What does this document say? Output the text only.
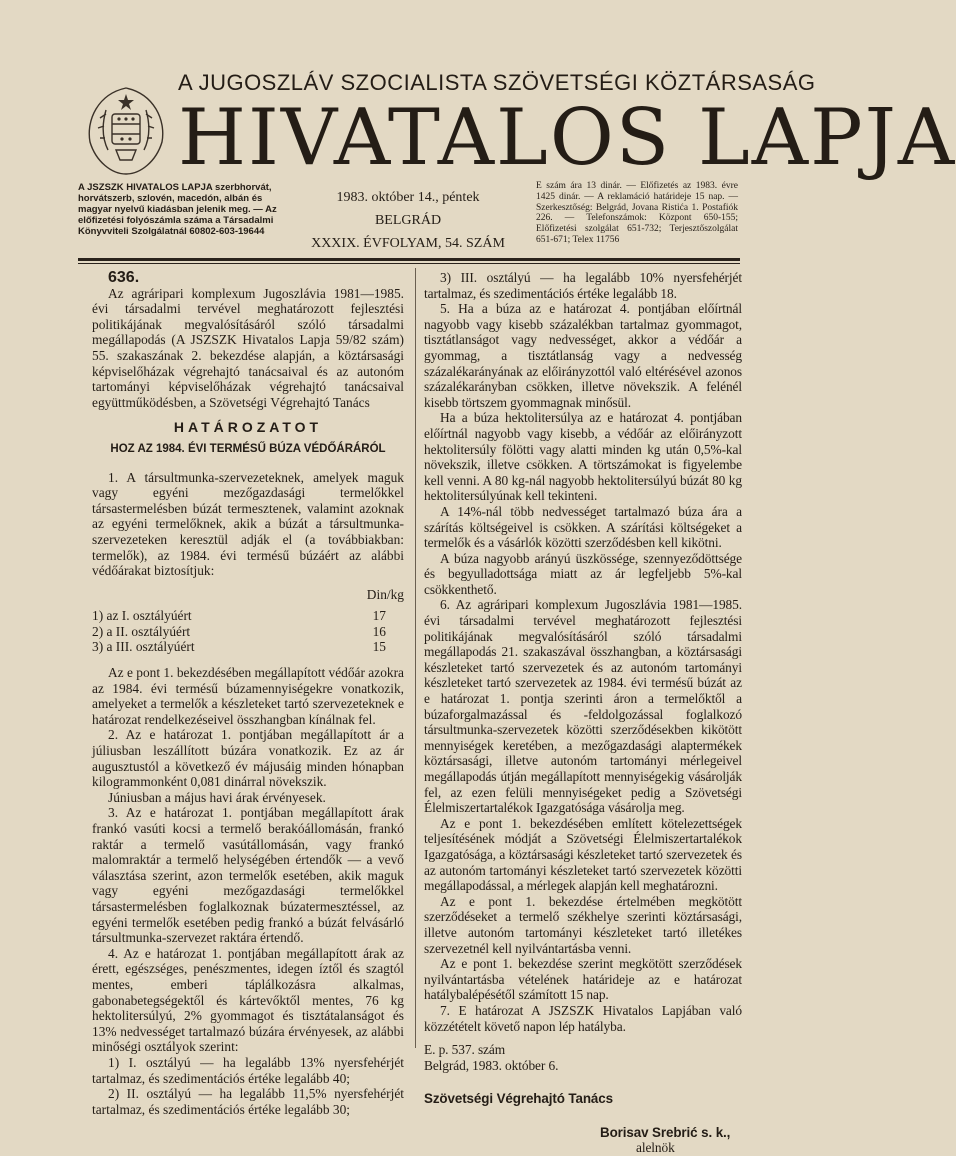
A JUGOSZLÁV SZOCIALISTA SZÖVETSÉGI KÖZTÁRSASÁG
HIVATALOS LAPJA
A JSZSZK HIVATALOS LAPJA szerbhorvát, horvátszerb, szlovén, macedón, albán és magyar nyelvű kiadásban jelenik meg. — Az előfizetési folyószámla száma a Társadalmi Könyvviteli Szolgálatnál 60802-603-19644
1983. október 14., péntek
BELGRÁD
XXXIX. ÉVFOLYAM, 54. SZÁM
E szám ára 13 dinár. — Előfizetés az 1983. évre 1425 dinár. — A reklamáció határideje 15 nap. — Szerkesztőség: Belgrád, Jovana Ristića 1. Postafiók 226. — Telefonszámok: Központ 650-155; Előfizetési szolgálat 651-732; Terjesztőszolgálat 651-671; Telex 11756

636.

Az agráripari komplexum Jugoszlávia 1981—1985. évi társadalmi tervével meghatározott fejlesztési politikájának megvalósításáról szóló társadalmi megállapodás (A JSZSZK Hivatalos Lapja 59/82 szám) 55. szakaszának 2. bekezdése alapján, a köztársasági képviselőházak végrehajtó tanácsaival és az autonóm tartományi képviselőházak végrehajtó tanácsaival együttműködésben, a Szövetségi Végrehajtó Tanács

HATÁROZATOT
HOZ AZ 1984. ÉVI TERMÉSŰ BÚZA VÉDŐÁRÁRÓL

1. A társultmunka-szervezeteknek, amelyek maguk vagy egyéni mezőgazdasági termelőkkel társastermelésben búzát termesztenek, valamint azoknak az egyéni termelőknek, akik a búzát a társultmunka-szervezeteken keresztül adják el (a továbbiakban: termelők), az 1984. évi termésű búzáért az alábbi védőárakat biztosítjuk:

Din/kg
1) az I. osztályúért	17
2) a II. osztályúért	16
3) a III. osztályúért	15

Az e pont 1. bekezdésében megállapított védőár azokra az 1984. évi termésű búzamennyiségekre vonatkozik, amelyeket a termelők a készleteket tartó szervezeteknek e határozat rendelkezéseivel összhangban kínálnak fel.

2. Az e határozat 1. pontjában megállapított ár a júliusban leszállított búzára vonatkozik. Ez az ár augusztustól a következő év májusáig minden hónapban kilogrammonként 0,081 dinárral növekszik.

Júniusban a május havi árak érvényesek.

3. Az e határozat 1. pontjában megállapított árak frankó vasúti kocsi a termelő berakóállomásán, frankó raktár a termelő vasútállomásán, vagy frankó malomraktár a termelő helységében értendők — a vevő választása szerint, azon termelők esetében, akik maguk vagy egyéni mezőgazdasági termelőkkel társastermelésben foglalkoznak búzatermesztéssel, az egyéni termelők esetében pedig frankó a búzát felvásárló társultmunka-szervezet raktára értendő.

4. Az e határozat 1. pontjában megállapított árak az érett, egészséges, penészmentes, idegen íztől és szagtól mentes, emberi táplálkozásra alkalmas, gabonabetegségektől és kártevőktől mentes, 76 kg hektolitersúlyú, 2% gyommagot és tisztátalanságot és 13% nedvességet tartalmazó búzára érvényesek, az alábbi minőségi osztályok szerint:

1) I. osztályú — ha legalább 13% nyersfehérjét tartalmaz, és szedimentációs értéke legalább 40;

2) II. osztályú — ha legalább 11,5% nyersfehérjét tartalmaz, és szedimentációs értéke legalább 30;

3) III. osztályú — ha legalább 10% nyersfehérjét tartalmaz, és szedimentációs értéke legalább 18.

5. Ha a búza az e határozat 4. pontjában előírtnál nagyobb vagy kisebb százalékban tartalmaz gyommagot, tisztátlanságot vagy nedvességet, akkor a védőár a gyommag, a tisztátlanság vagy a nedvesség százalékarányának az előirányzottól való eltérésével azonos százalékarányban csökken, illetve növekszik. A felénél kisebb törtszem gyommagnak minősül.

Ha a búza hektolitersúlya az e határozat 4. pontjában előírtnál nagyobb vagy kisebb, a védőár az előirányzott hektolitersúly fölötti vagy alatti minden kg után 0,5%-kal növekszik, illetve csökken. A törtszámokat is figyelembe kell venni. A 80 kg-nál nagyobb hektolitersúlyú búzát 80 kg hektolitersúlyúnak kell tekinteni.

A 14%-nál több nedvességet tartalmazó búza ára a szárítás költségeivel is csökken. A szárítási költségeket a termelők és a vásárlók közötti szerződésben kell kikötni.

A búza nagyobb arányú üszkössége, szennyeződöttsége és begyulladottsága miatt az ár legfeljebb 5%-kal csökkenthető.

6. Az agráripari komplexum Jugoszlávia 1981—1985. évi társadalmi tervével meghatározott fejlesztési politikájának megvalósításáról szóló társadalmi megállapodás 21. szakaszával összhangban, a köztársasági készleteket tartó szervezetek és az autonóm tartományi készleteket tartó szervezetek az 1984. évi termésű búzát az e határozat 1. pontja szerinti áron a termelőktől a búzaforgalmazással és -feldolgozással foglalkozó társultmunka-szervezetek közötti szerződésekben kikötött mennyiségek keretében, a mezőgazdasági alaptermékek köztársasági, illetve autonóm tartományi mérlegeivel megállapodás útján megállapított mennyiségekig vásárolják fel, az ezen felüli mennyiségeket pedig a Szövetségi Élelmiszertartalékok Igazgatósága vásárolja meg.

Az e pont 1. bekezdésében említett kötelezettségek teljesítésének módját a Szövetségi Élelmiszertartalékok Igazgatósága, a köztársasági készleteket tartó szervezetek és az autonóm tartományi készleteket tartó szervezetek közötti megállapodással, a mérlegek alapján kell meghatározni.

Az e pont 1. bekezdése értelmében megkötött szerződéseket a termelő székhelye szerinti köztársasági, illetve autonóm tartományi készleteket tartó illetékes szervezetnél kell nyilvántartásba venni.

Az e pont 1. bekezdése szerint megkötött szerződések nyilvántartásba vételének határideje az e határozat hatálybalépésétől számított 15 nap.

7. E határozat A JSZSZK Hivatalos Lapjában való közzétételt követő napon lép hatályba.

E. p. 537. szám

Belgrád, 1983. október 6.

Szövetségi Végrehajtó Tanács

Borisav Srebrić s. k.,

alelnök
